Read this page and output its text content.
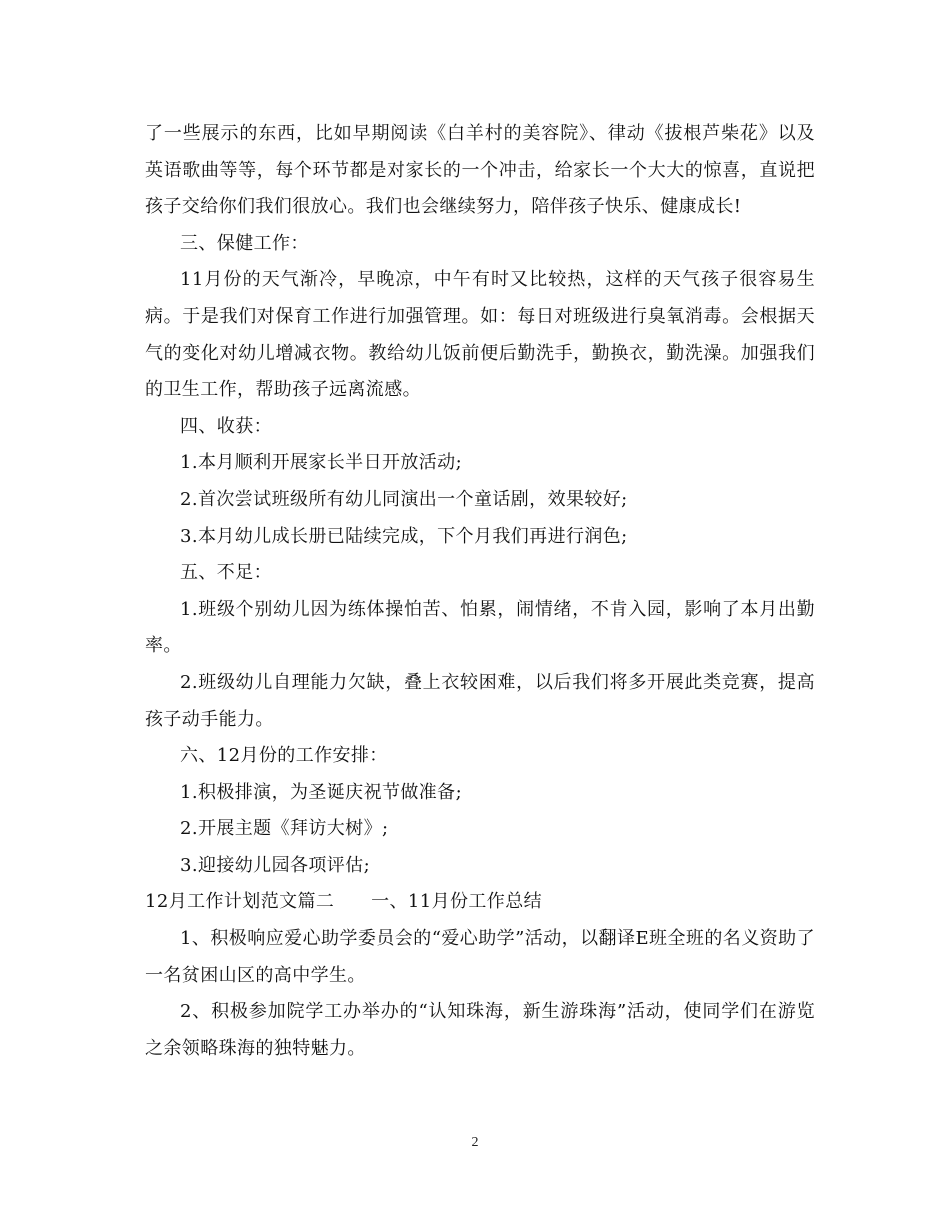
了一些展示的东西，比如早期阅读《白羊村的美容院》、律动《拔根芦柴花》以及英语歌曲等等，每个环节都是对家长的一个冲击，给家长一个大大的惊喜，直说把孩子交给你们我们很放心。我们也会继续努力，陪伴孩子快乐、健康成长!

三、保健工作：

11月份的天气渐冷，早晚凉，中午有时又比较热，这样的天气孩子很容易生病。于是我们对保育工作进行加强管理。如：每日对班级进行臭氧消毒。会根据天气的变化对幼儿增减衣物。教给幼儿饭前便后勤洗手，勤换衣，勤洗澡。加强我们的卫生工作，帮助孩子远离流感。

四、收获：

1.本月顺利开展家长半日开放活动;

2.首次尝试班级所有幼儿同演出一个童话剧，效果较好;

3.本月幼儿成长册已陆续完成，下个月我们再进行润色;

五、不足：

1.班级个别幼儿因为练体操怕苦、怕累，闹情绪，不肯入园，影响了本月出勤率。

2.班级幼儿自理能力欠缺，叠上衣较困难，以后我们将多开展此类竞赛，提高孩子动手能力。

六、12月份的工作安排：

1.积极排演，为圣诞庆祝节做准备;

2.开展主题《拜访大树》;

3.迎接幼儿园各项评估;

12月工作计划范文篇二　　一、11月份工作总结

1、积极响应爱心助学委员会的“爱心助学”活动，以翻译E班全班的名义资助了一名贫困山区的高中学生。

2、积极参加院学工办举办的“认知珠海，新生游珠海”活动，使同学们在游览之余领略珠海的独特魅力。

2
